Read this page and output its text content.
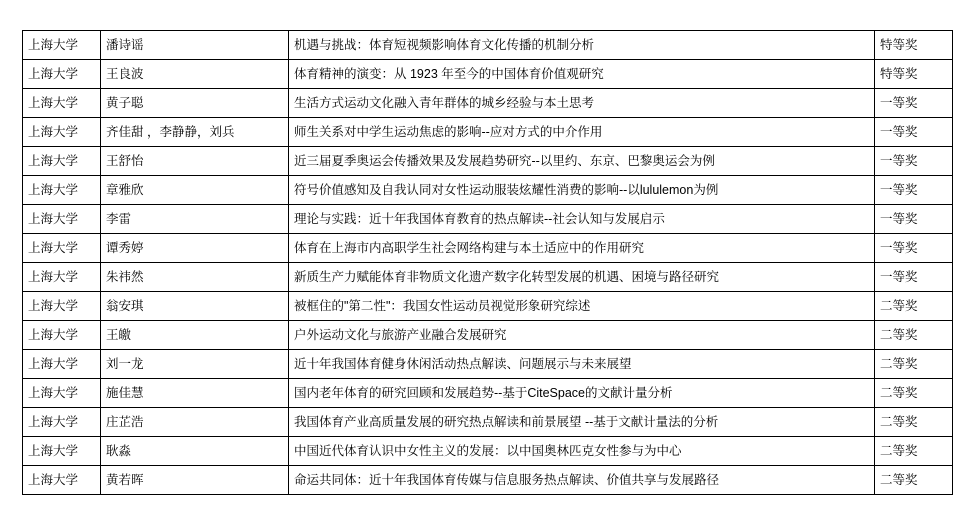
上海大学	潘诗谣	机遇与挑战：体育短视频影响体育文化传播的机制分析	特等奖
上海大学	王良波	体育精神的演变：从 1923 年至今的中国体育价值观研究	特等奖
上海大学	黄子聪	生活方式运动文化融入青年群体的城乡经验与本土思考	一等奖
上海大学	齐佳甜 ，李静静，刘兵	师生关系对中学生运动焦虑的影响--应对方式的中介作用	一等奖
上海大学	王舒怡	近三届夏季奥运会传播效果及发展趋势研究--以里约、东京、巴黎奥运会为例	一等奖
上海大学	章雅欣	符号价值感知及自我认同对女性运动服装炫耀性消费的影响--以lululemon为例	一等奖
上海大学	李雷	理论与实践：近十年我国体育教育的热点解读--社会认知与发展启示	一等奖
上海大学	谭秀婷	体育在上海市内高职学生社会网络构建与本土适应中的作用研究	一等奖
上海大学	朱祎然	新质生产力赋能体育非物质文化遗产数字化转型发展的机遇、困境与路径研究	一等奖
上海大学	翁安琪	被框住的"第二性"：我国女性运动员视觉形象研究综述	二等奖
上海大学	王皦	户外运动文化与旅游产业融合发展研究	二等奖
上海大学	刘一龙	近十年我国体育健身休闲活动热点解读、问题展示与未来展望	二等奖
上海大学	施佳慧	国内老年体育的研究回顾和发展趋势--基于CiteSpace的文献计量分析	二等奖
上海大学	庄芷浩	我国体育产业高质量发展的研究热点解读和前景展望 --基于文献计量法的分析	二等奖
上海大学	耿淼	中国近代体育认识中女性主义的发展：以中国奥林匹克女性参与为中心	二等奖
上海大学	黄若晖	命运共同体：近十年我国体育传媒与信息服务热点解读、价值共享与发展路径	二等奖
